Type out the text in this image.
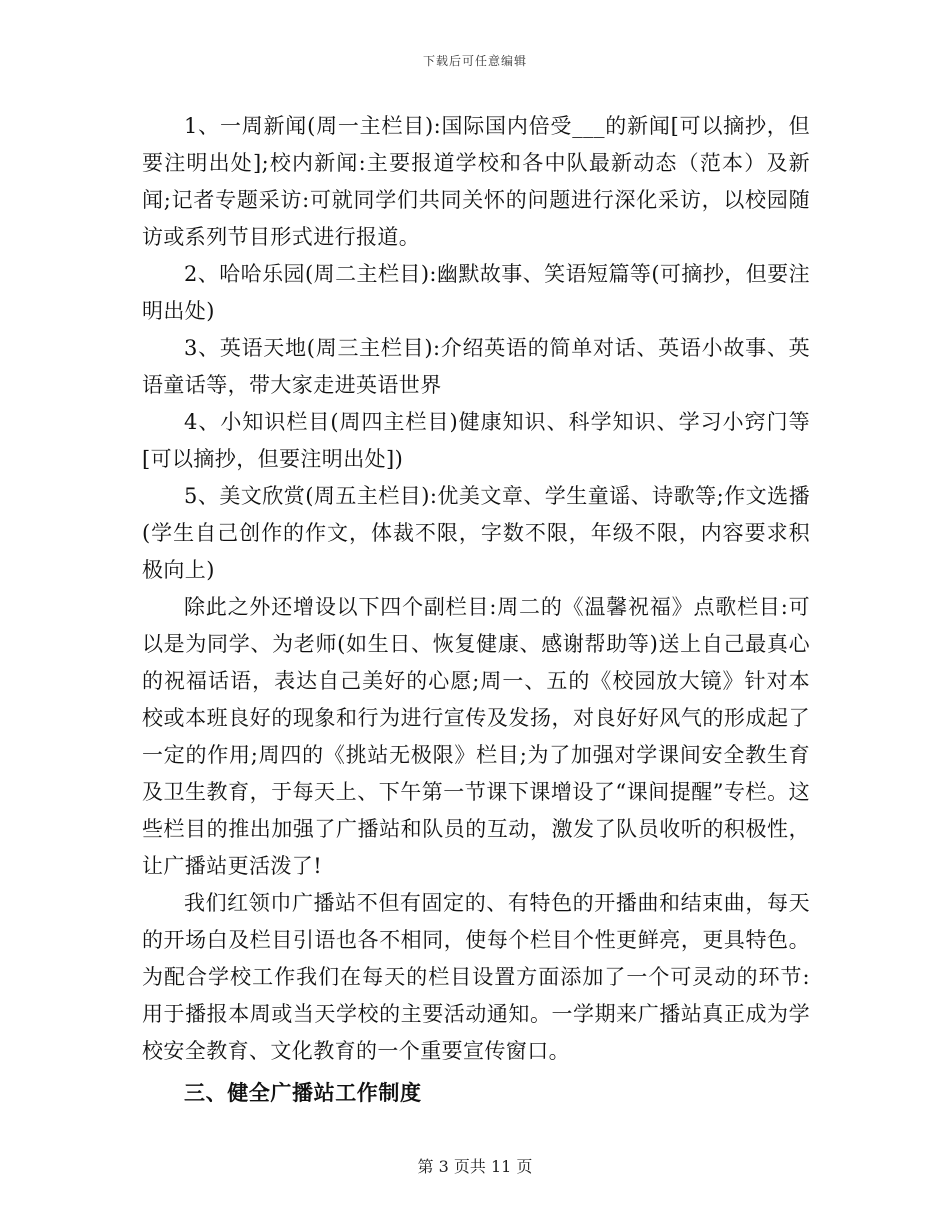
下载后可任意编辑

1、一周新闻(周一主栏目):国际国内倍受___的新闻[可以摘抄，但要注明出处];校内新闻:主要报道学校和各中队最新动态（范本）及新闻;记者专题采访:可就同学们共同关怀的问题进行深化采访，以校园随访或系列节目形式进行报道。

2、哈哈乐园(周二主栏目):幽默故事、笑语短篇等(可摘抄，但要注明出处)

3、英语天地(周三主栏目):介绍英语的简单对话、英语小故事、英语童话等，带大家走进英语世界

4、小知识栏目(周四主栏目)健康知识、科学知识、学习小窍门等[可以摘抄，但要注明出处])

5、美文欣赏(周五主栏目):优美文章、学生童谣、诗歌等;作文选播(学生自己创作的作文，体裁不限，字数不限，年级不限，内容要求积极向上)

除此之外还增设以下四个副栏目:周二的《温馨祝福》点歌栏目:可以是为同学、为老师(如生日、恢复健康、感谢帮助等)送上自己最真心的祝福话语，表达自己美好的心愿;周一、五的《校园放大镜》针对本校或本班良好的现象和行为进行宣传及发扬，对良好好风气的形成起了一定的作用;周四的《挑站无极限》栏目;为了加强对学课间安全教生育及卫生教育，于每天上、下午第一节课下课增设了“课间提醒”专栏。这些栏目的推出加强了广播站和队员的互动，激发了队员收听的积极性，让广播站更活泼了!

我们红领巾广播站不但有固定的、有特色的开播曲和结束曲，每天的开场白及栏目引语也各不相同，使每个栏目个性更鲜亮，更具特色。为配合学校工作我们在每天的栏目设置方面添加了一个可灵动的环节:用于播报本周或当天学校的主要活动通知。一学期来广播站真正成为学校安全教育、文化教育的一个重要宣传窗口。

三、健全广播站工作制度
第 3 页共 11 页
